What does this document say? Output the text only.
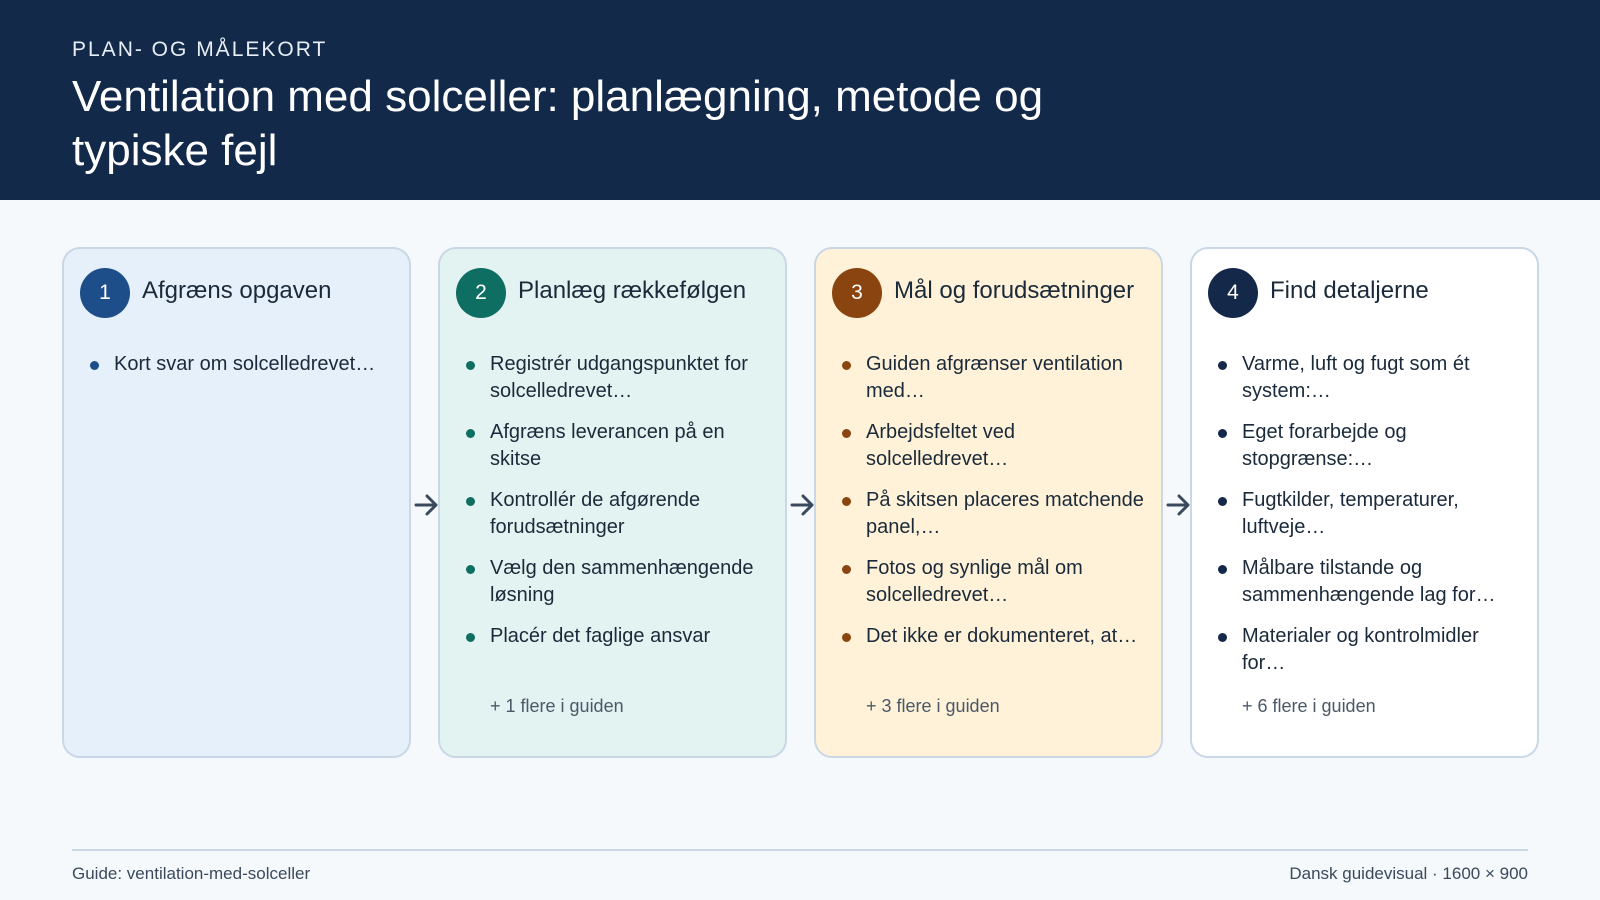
PLAN- OG MÅLEKORT
Ventilation med solceller: planlægning, metode og typiske fejl
1	Afgræns opgaven
Kort svar om solcelledrevet…
2	Planlæg rækkefølgen
Registrér udgangspunktet for solcelledrevet…
Afgræns leverancen på en skitse
Kontrollér de afgørende forudsætninger
Vælg den sammenhængende løsning
Placér det faglige ansvar
+ 1 flere i guiden
3	Mål og forudsætninger
Guiden afgrænser ventilation med…
Arbejdsfeltet ved solcelledrevet…
På skitsen placeres matchende panel,…
Fotos og synlige mål om solcelledrevet…
Det ikke er dokumenteret, at…
+ 3 flere i guiden
4	Find detaljerne
Varme, luft og fugt som ét system:…
Eget forarbejde og stopgrænse:…
Fugtkilder, temperaturer, luftveje…
Målbare tilstande og sammenhængende lag for…
Materialer og kontrolmidler for…
+ 6 flere i guiden
Guide: ventilation-med-solceller	Dansk guidevisual · 1600 × 900
